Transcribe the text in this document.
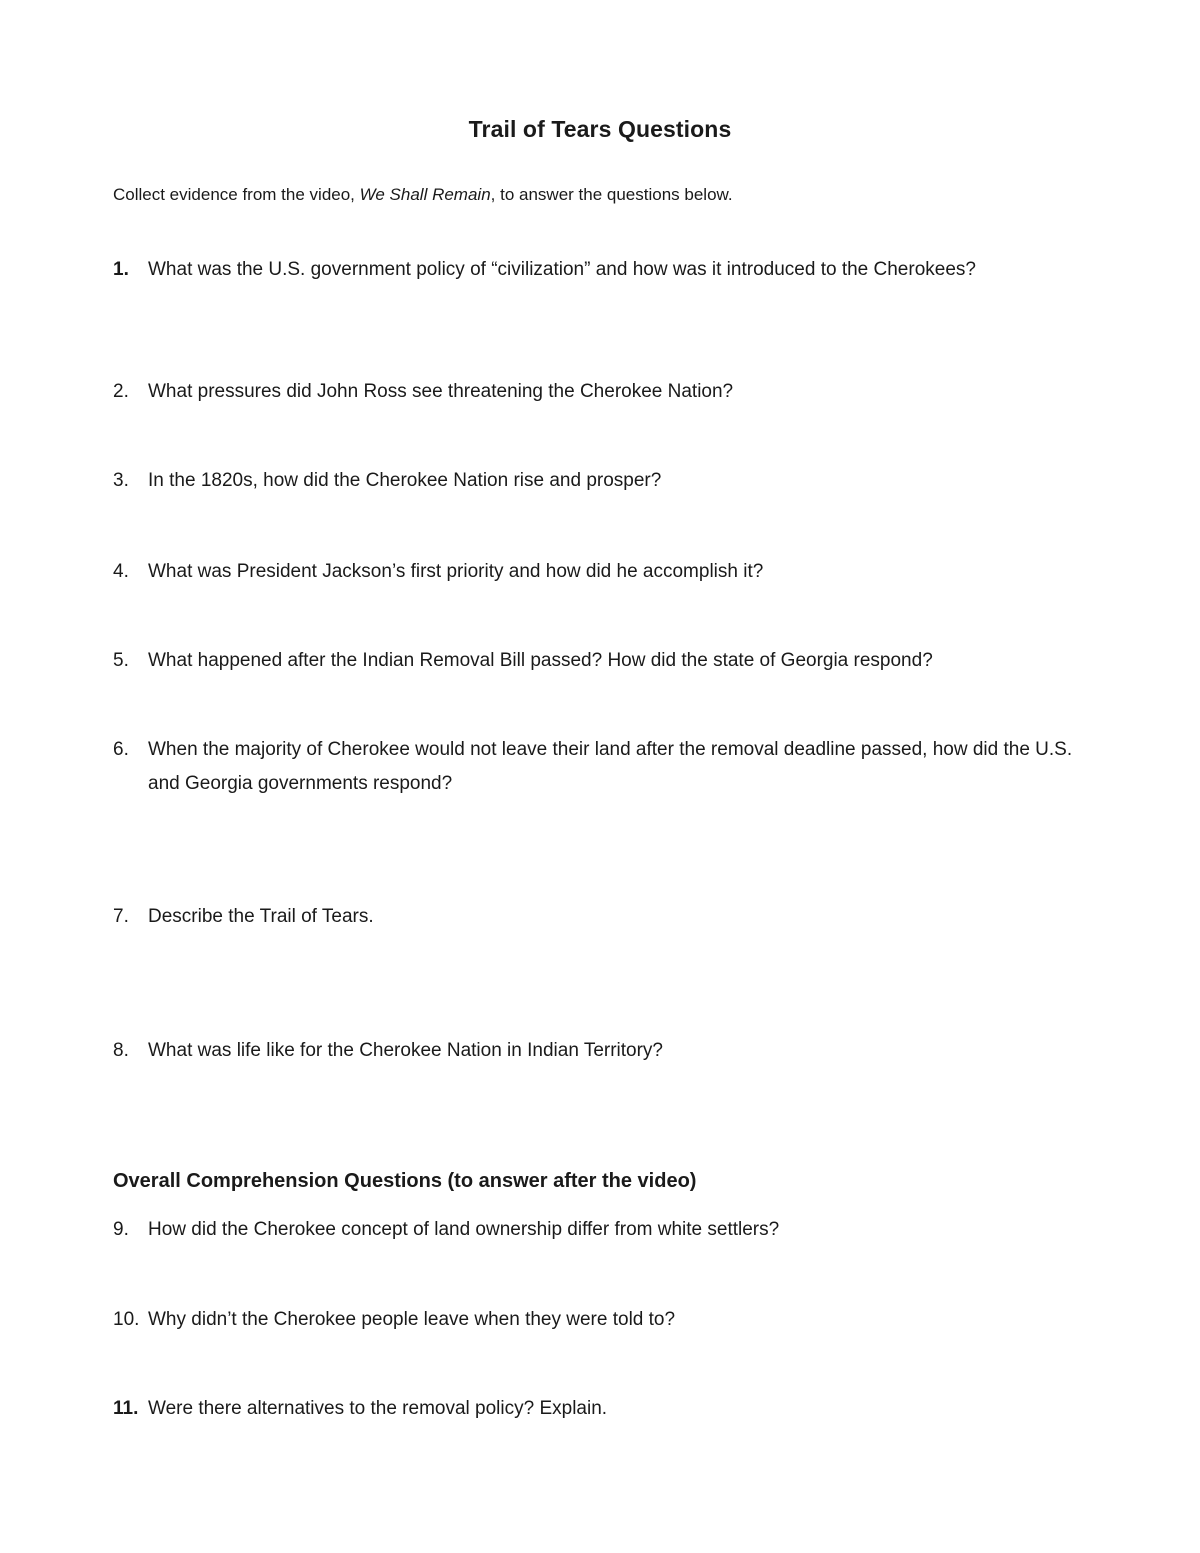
Trail of Tears Questions
Collect evidence from the video, We Shall Remain, to answer the questions below.
1.	What was the U.S. government policy of “civilization” and how was it introduced to the Cherokees?
2.	What pressures did John Ross see threatening the Cherokee Nation?
3.	In the 1820s, how did the Cherokee Nation rise and prosper?
4.	What was President Jackson’s first priority and how did he accomplish it?
5.	What happened after the Indian Removal Bill passed? How did the state of Georgia respond?
6.	When the majority of Cherokee would not leave their land after the removal deadline passed, how did the U.S. and Georgia governments respond?
7.	Describe the Trail of Tears.
8.	What was life like for the Cherokee Nation in Indian Territory?
Overall Comprehension Questions (to answer after the video)
9.	How did the Cherokee concept of land ownership differ from white settlers?
10. Why didn’t the Cherokee people leave when they were told to?
11. Were there alternatives to the removal policy? Explain.
